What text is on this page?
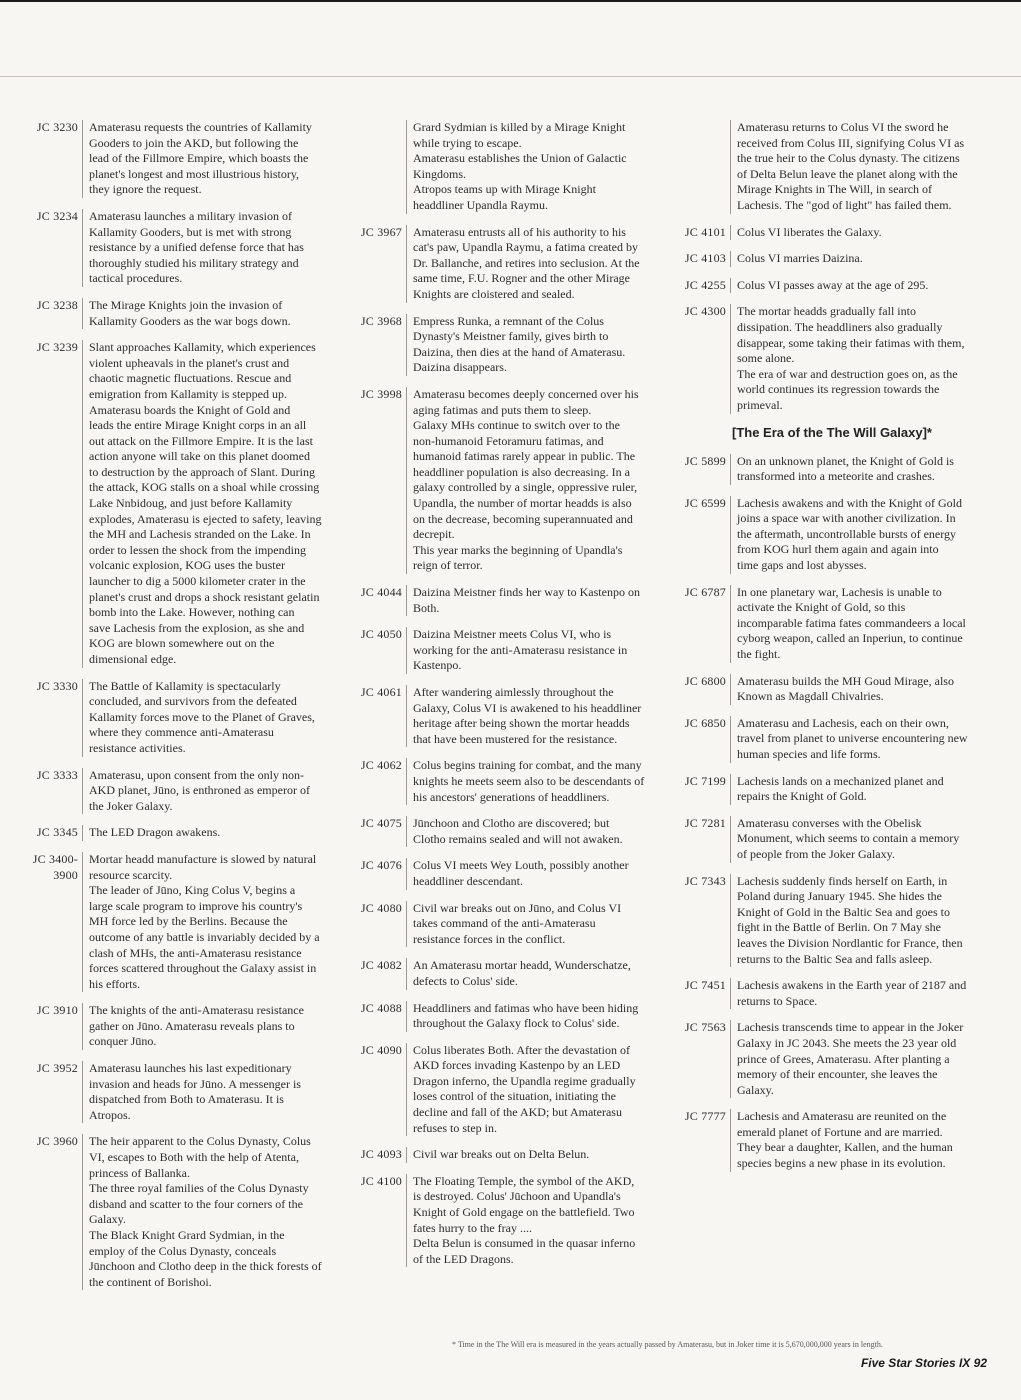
JC 3230 Amaterasu requests the countries of Kallamity
Gooders to join the AKD, but following the
lead of the Fillmore Empire, which boasts the
planet's longest and most illustrious history,
they ignore the request.
JC 3234 Amaterasu launches a military invasion of
Kallamity Gooders, but is met with strong
resistance by a unified defense force that has
thoroughly studied his military strategy and
tactical procedures.
JC 3238 The Mirage Knights join the invasion of
Kallamity Gooders as the war bogs down.
JC 3239 Slant approaches Kallamity, which experiences
violent upheavals in the planet's crust and
chaotic magnetic fluctuations. Rescue and
emigration from Kallamity is stepped up.
Amaterasu boards the Knight of Gold and
leads the entire Mirage Knight corps in an all
out attack on the Fillmore Empire. It is the last
action anyone will take on this planet doomed
to destruction by the approach of Slant. During
the attack, KOG stalls on a shoal while crossing
Lake Nnbidoug, and just before Kallamity
explodes, Amaterasu is ejected to safety, leaving
the MH and Lachesis stranded on the Lake. In
order to lessen the shock from the impending
volcanic explosion, KOG uses the buster
launcher to dig a 5000 kilometer crater in the
planet's crust and drops a shock resistant gelatin
bomb into the Lake. However, nothing can
save Lachesis from the explosion, as she and
KOG are blown somewhere out on the
dimensional edge.
JC 3330 The Battle of Kallamity is spectacularly
concluded, and survivors from the defeated
Kallamity forces move to the Planet of Graves,
where they commence anti-Amaterasu
resistance activities.
JC 3333 Amaterasu, upon consent from the only non-
AKD planet, Jūno, is enthroned as emperor of
the Joker Galaxy.
JC 3345 The LED Dragon awakens.
JC 3400-
3900
Mortar headd manufacture is slowed by natural
resource scarcity.
The leader of Jūno, King Colus V, begins a
large scale program to improve his country's
MH force led by the Berlins. Because the
outcome of any battle is invariably decided by a
clash of MHs, the anti-Amaterasu resistance
forces scattered throughout the Galaxy assist in
his efforts.
JC 3910 The knights of the anti-Amaterasu resistance
gather on Jūno. Amaterasu reveals plans to
conquer Jūno.
JC 3952 Amaterasu launches his last expeditionary
invasion and heads for Jūno. A messenger is
dispatched from Both to Amaterasu. It is
Atropos.
JC 3960 The heir apparent to the Colus Dynasty, Colus
VI, escapes to Both with the help of Atenta,
princess of Ballanka.
The three royal families of the Colus Dynasty
disband and scatter to the four corners of the
Galaxy.
The Black Knight Grard Sydmian, in the
employ of the Colus Dynasty, conceals
Jūnchoon and Clotho deep in the thick forests of
the continent of Borishoi.
Grard Sydmian is killed by a Mirage Knight
while trying to escape.
Amaterasu establishes the Union of Galactic
Kingdoms.
Atropos teams up with Mirage Knight
headdliner Upandla Raymu.
JC 3967 Amaterasu entrusts all of his authority to his
cat's paw, Upandla Raymu, a fatima created by
Dr. Ballanche, and retires into seclusion. At the
same time, F.U. Rogner and the other Mirage
Knights are cloistered and sealed.
JC 3968 Empress Runka, a remnant of the Colus
Dynasty's Meistner family, gives birth to
Daizina, then dies at the hand of Amaterasu.
Daizina disappears.
JC 3998 Amaterasu becomes deeply concerned over his
aging fatimas and puts them to sleep.
Galaxy MHs continue to switch over to the
non-humanoid Fetoramuru fatimas, and
humanoid fatimas rarely appear in public. The
headdliner population is also decreasing. In a
galaxy controlled by a single, oppressive ruler,
Upandla, the number of mortar headds is also
on the decrease, becoming superannuated and
decrepit.
This year marks the beginning of Upandla's
reign of terror.
JC 4044 Daizina Meistner finds her way to Kastenpo on
Both.
JC 4050 Daizina Meistner meets Colus VI, who is
working for the anti-Amaterasu resistance in
Kastenpo.
JC 4061 After wandering aimlessly throughout the
Galaxy, Colus VI is awakened to his headdliner
heritage after being shown the mortar headds
that have been mustered for the resistance.
JC 4062 Colus begins training for combat, and the many
knights he meets seem also to be descendants of
his ancestors' generations of headdliners.
JC 4075 Jūnchoon and Clotho are discovered; but
Clotho remains sealed and will not awaken.
JC 4076 Colus VI meets Wey Louth, possibly another
headdliner descendant.
JC 4080 Civil war breaks out on Jūno, and Colus VI
takes command of the anti-Amaterasu
resistance forces in the conflict.
JC 4082 An Amaterasu mortar headd, Wunderschatze,
defects to Colus' side.
JC 4088 Headdliners and fatimas who have been hiding
throughout the Galaxy flock to Colus' side.
JC 4090 Colus liberates Both. After the devastation of
AKD forces invading Kastenpo by an LED
Dragon inferno, the Upandla regime gradually
loses control of the situation, initiating the
decline and fall of the AKD; but Amaterasu
refuses to step in.
JC 4093 Civil war breaks out on Delta Belun.
JC 4100 The Floating Temple, the symbol of the AKD,
is destroyed. Colus' Jūchoon and Upandla's
Knight of Gold engage on the battlefield. Two
fates hurry to the fray ....
Delta Belun is consumed in the quasar inferno
of the LED Dragons.
Amaterasu returns to Colus VI the sword he
received from Colus III, signifying Colus VI as
the true heir to the Colus dynasty. The citizens
of Delta Belun leave the planet along with the
Mirage Knights in The Will, in search of
Lachesis. The "god of light" has failed them.
JC 4101 Colus VI liberates the Galaxy.
JC 4103 Colus VI marries Daizina.
JC 4255 Colus VI passes away at the age of 295.
JC 4300 The mortar headds gradually fall into
dissipation. The headdliners also gradually
disappear, some taking their fatimas with them,
some alone.
The era of war and destruction goes on, as the
world continues its regression towards the
primeval.
[The Era of the The Will Galaxy]*
JC 5899 On an unknown planet, the Knight of Gold is
transformed into a meteorite and crashes.
JC 6599 Lachesis awakens and with the Knight of Gold
joins a space war with another civilization. In
the aftermath, uncontrollable bursts of energy
from KOG hurl them again and again into
time gaps and lost abysses.
JC 6787 In one planetary war, Lachesis is unable to
activate the Knight of Gold, so this
incomparable fatima fates commandeers a local
cyborg weapon, called an Inperiun, to continue
the fight.
JC 6800 Amaterasu builds the MH Goud Mirage, also
Known as Magdall Chivalries.
JC 6850 Amaterasu and Lachesis, each on their own,
travel from planet to universe encountering new
human species and life forms.
JC 7199 Lachesis lands on a mechanized planet and
repairs the Knight of Gold.
JC 7281 Amaterasu converses with the Obelisk
Monument, which seems to contain a memory
of people from the Joker Galaxy.
JC 7343 Lachesis suddenly finds herself on Earth, in
Poland during January 1945. She hides the
Knight of Gold in the Baltic Sea and goes to
fight in the Battle of Berlin. On 7 May she
leaves the Division Nordlantic for France, then
returns to the Baltic Sea and falls asleep.
JC 7451 Lachesis awakens in the Earth year of 2187 and
returns to Space.
JC 7563 Lachesis transcends time to appear in the Joker
Galaxy in JC 2043. She meets the 23 year old
prince of Grees, Amaterasu. After planting a
memory of their encounter, she leaves the
Galaxy.
JC 7777 Lachesis and Amaterasu are reunited on the
emerald planet of Fortune and are married.
They bear a daughter, Kallen, and the human
species begins a new phase in its evolution.
* Time in the The Will era is measured in the years actually passed by Amaterasu, but in Joker time it is 5,670,000,000 years in length.
Five Star Stories IX 92
